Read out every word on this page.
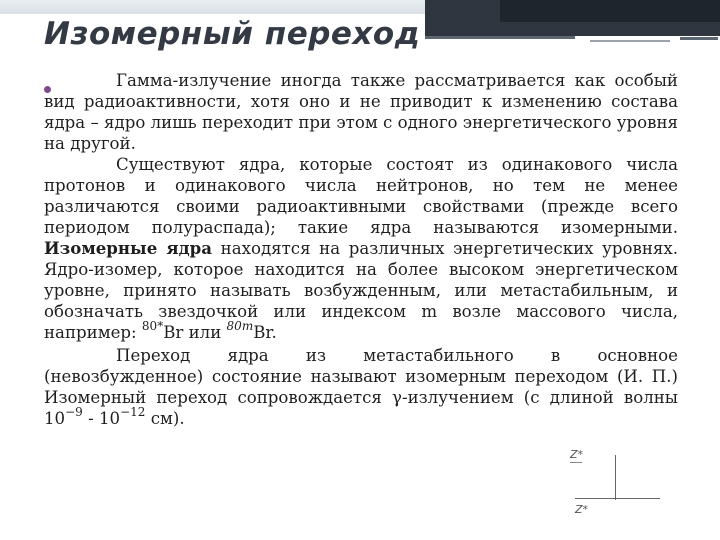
Изомерный переход

Гамма-излучение иногда также рассматривается как особый вид радиоактивности, хотя оно и не приводит к изменению состава ядра – ядро лишь переходит при этом с одного энергетического уровня на другой.

Существуют ядра, которые состоят из одинакового числа протонов и одинакового числа нейтронов, но тем не менее различаются своими радиоактивными свойствами (прежде всего периодом полураспада); такие ядра называются изомерными. Изомерные ядра находятся на различных энергетических уровнях. Ядро-изомер, которое находится на более высоком энергетическом уровне, принято называть возбужденным, или метастабильным, и обозначать звездочкой или индексом m возле массового числа, например: $^{80*}$Br или $^{80m}$Br.

Переход ядра из метастабильного в основное (невозбужденное) состояние называют изомерным переходом (И. П.) Изомерный переход сопровождается γ-излучением (с длиной волны $10^{-9} - 10^{-12}$ см).

Z*
Z*
